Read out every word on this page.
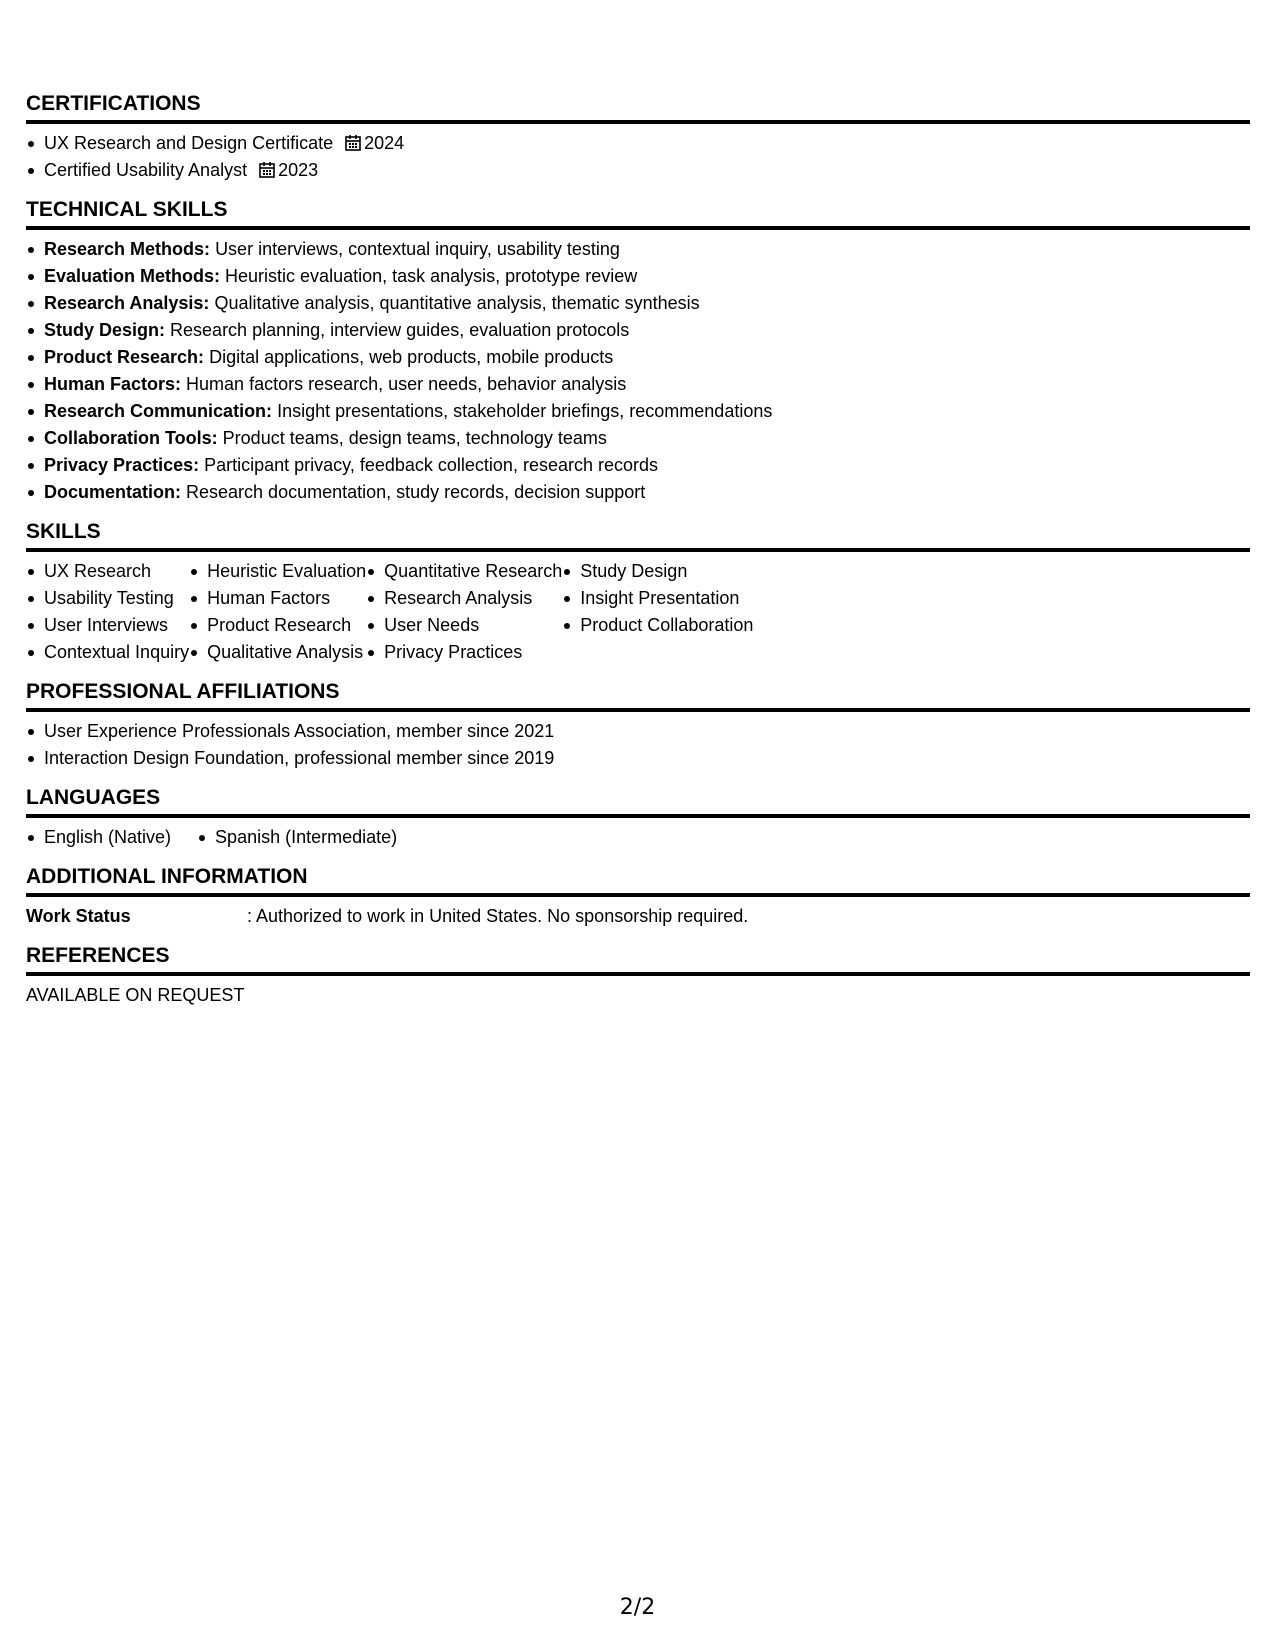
CERTIFICATIONS
UX Research and Design Certificate 2024
Certified Usability Analyst 2023
TECHNICAL SKILLS
Research Methods: User interviews, contextual inquiry, usability testing
Evaluation Methods: Heuristic evaluation, task analysis, prototype review
Research Analysis: Qualitative analysis, quantitative analysis, thematic synthesis
Study Design: Research planning, interview guides, evaluation protocols
Product Research: Digital applications, web products, mobile products
Human Factors: Human factors research, user needs, behavior analysis
Research Communication: Insight presentations, stakeholder briefings, recommendations
Collaboration Tools: Product teams, design teams, technology teams
Privacy Practices: Participant privacy, feedback collection, research records
Documentation: Research documentation, study records, decision support
SKILLS
UX Research
Usability Testing
User Interviews
Contextual Inquiry
Heuristic Evaluation
Human Factors
Product Research
Qualitative Analysis
Quantitative Research
Research Analysis
User Needs
Privacy Practices
Study Design
Insight Presentation
Product Collaboration
PROFESSIONAL AFFILIATIONS
User Experience Professionals Association, member since 2021
Interaction Design Foundation, professional member since 2019
LANGUAGES
English (Native)	Spanish (Intermediate)
ADDITIONAL INFORMATION
Work Status	: Authorized to work in United States. No sponsorship required.
REFERENCES
AVAILABLE ON REQUEST
2/2
